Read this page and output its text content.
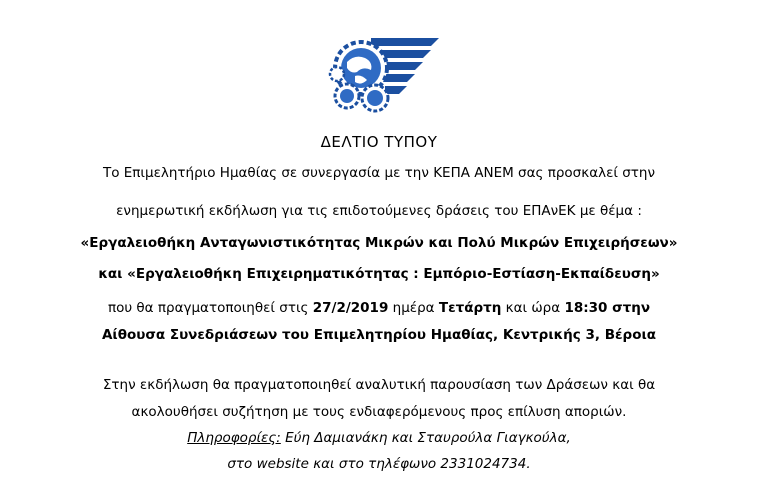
ΔΕΛΤΙΟ ΤΥΠΟΥ
Το Επιμελητήριο Ημαθίας σε συνεργασία με την ΚΕΠΑ ΑΝΕΜ σας προσκαλεί στην
ενημερωτική εκδήλωση για τις επιδοτούμενες δράσεις του ΕΠΑνΕΚ με θέμα :
«Εργαλειοθήκη Ανταγωνιστικότητας Μικρών και Πολύ Μικρών Επιχειρήσεων»
και «Εργαλειοθήκη Επιχειρηματικότητας : Εμπόριο-Εστίαση-Εκπαίδευση»
που θα πραγματοποιηθεί στις 27/2/2019 ημέρα Τετάρτη και ώρα 18:30 στην
Αίθουσα Συνεδριάσεων του Επιμελητηρίου Ημαθίας, Κεντρικής 3, Βέροια
Στην εκδήλωση θα πραγματοποιηθεί αναλυτική παρουσίαση των Δράσεων και θα
ακολουθήσει συζήτηση με τους ενδιαφερόμενους προς επίλυση αποριών.
Πληροφορίες: Εύη Δαμιανάκη και Σταυρούλα Γιαγκούλα,
στο website και στο τηλέφωνο 2331024734.
